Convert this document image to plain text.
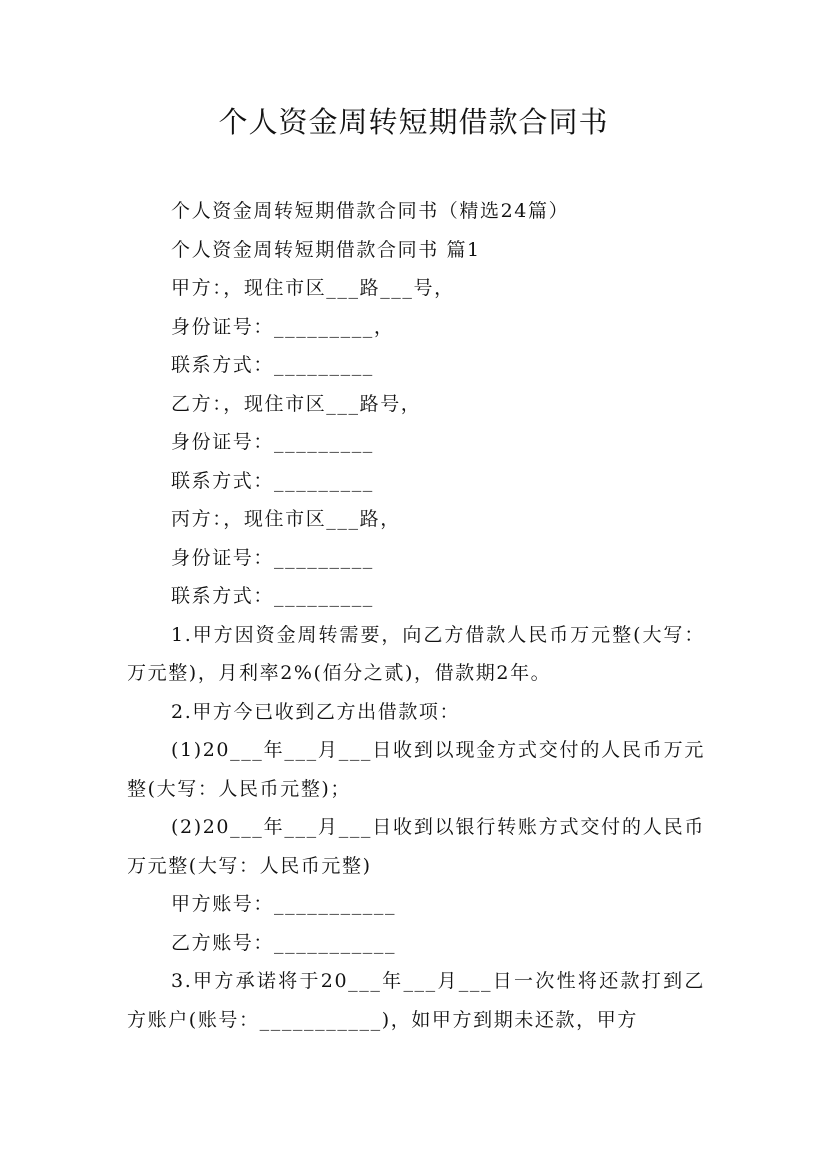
个人资金周转短期借款合同书

个人资金周转短期借款合同书（精选24篇）

个人资金周转短期借款合同书 篇1

甲方：，现住市区___路___号，

身份证号：_________，

联系方式：_________

乙方：，现住市区___路号，

身份证号：_________

联系方式：_________

丙方：，现住市区___路，

身份证号：_________

联系方式：_________

1.甲方因资金周转需要，向乙方借款人民币万元整(大写：万元整)，月利率2%(佰分之贰)，借款期2年。

2.甲方今已收到乙方出借款项：

(1)20___年___月___日收到以现金方式交付的人民币万元整(大写：人民币元整)；

(2)20___年___月___日收到以银行转账方式交付的人民币万元整(大写：人民币元整)

甲方账号：___________

乙方账号：___________

3.甲方承诺将于20___年___月___日一次性将还款打到乙方账户(账号：___________)，如甲方到期未还款，甲方
